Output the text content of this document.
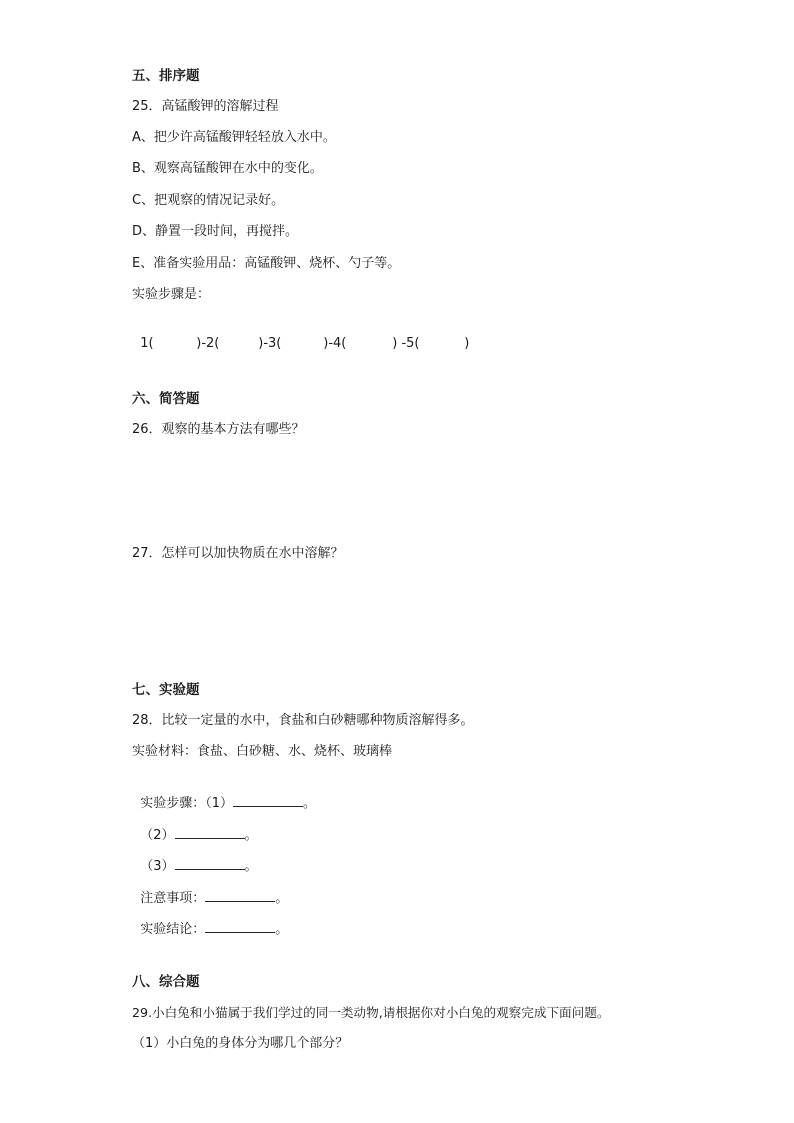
五、排序题
25．高锰酸钾的溶解过程
A、把少许高锰酸钾轻轻放入水中。
B、观察高锰酸钾在水中的变化。
C、把观察的情况记录好。
D、静置一段时间，再搅拌。
E、准备实验用品：高锰酸钾、烧杯、勺子等。
实验步骤是：

1(	)-2(	)-3(	)-4(	) -5(	)

六、简答题
26．观察的基本方法有哪些？
27．怎样可以加快物质在水中溶解？
七、实验题
28．比较一定量的水中，食盐和白砂糖哪种物质溶解得多。
实验材料：食盐、白砂糖、水、烧杯、玻璃棒

实验步骤：（1）	。

（2）	。

（3）	。

注意事项：	。

实验结论：	。

八、综合题
29.小白兔和小猫属于我们学过的同一类动物,请根据你对小白兔的观察完成下面问题。
（1）小白兔的身体分为哪几个部分？
